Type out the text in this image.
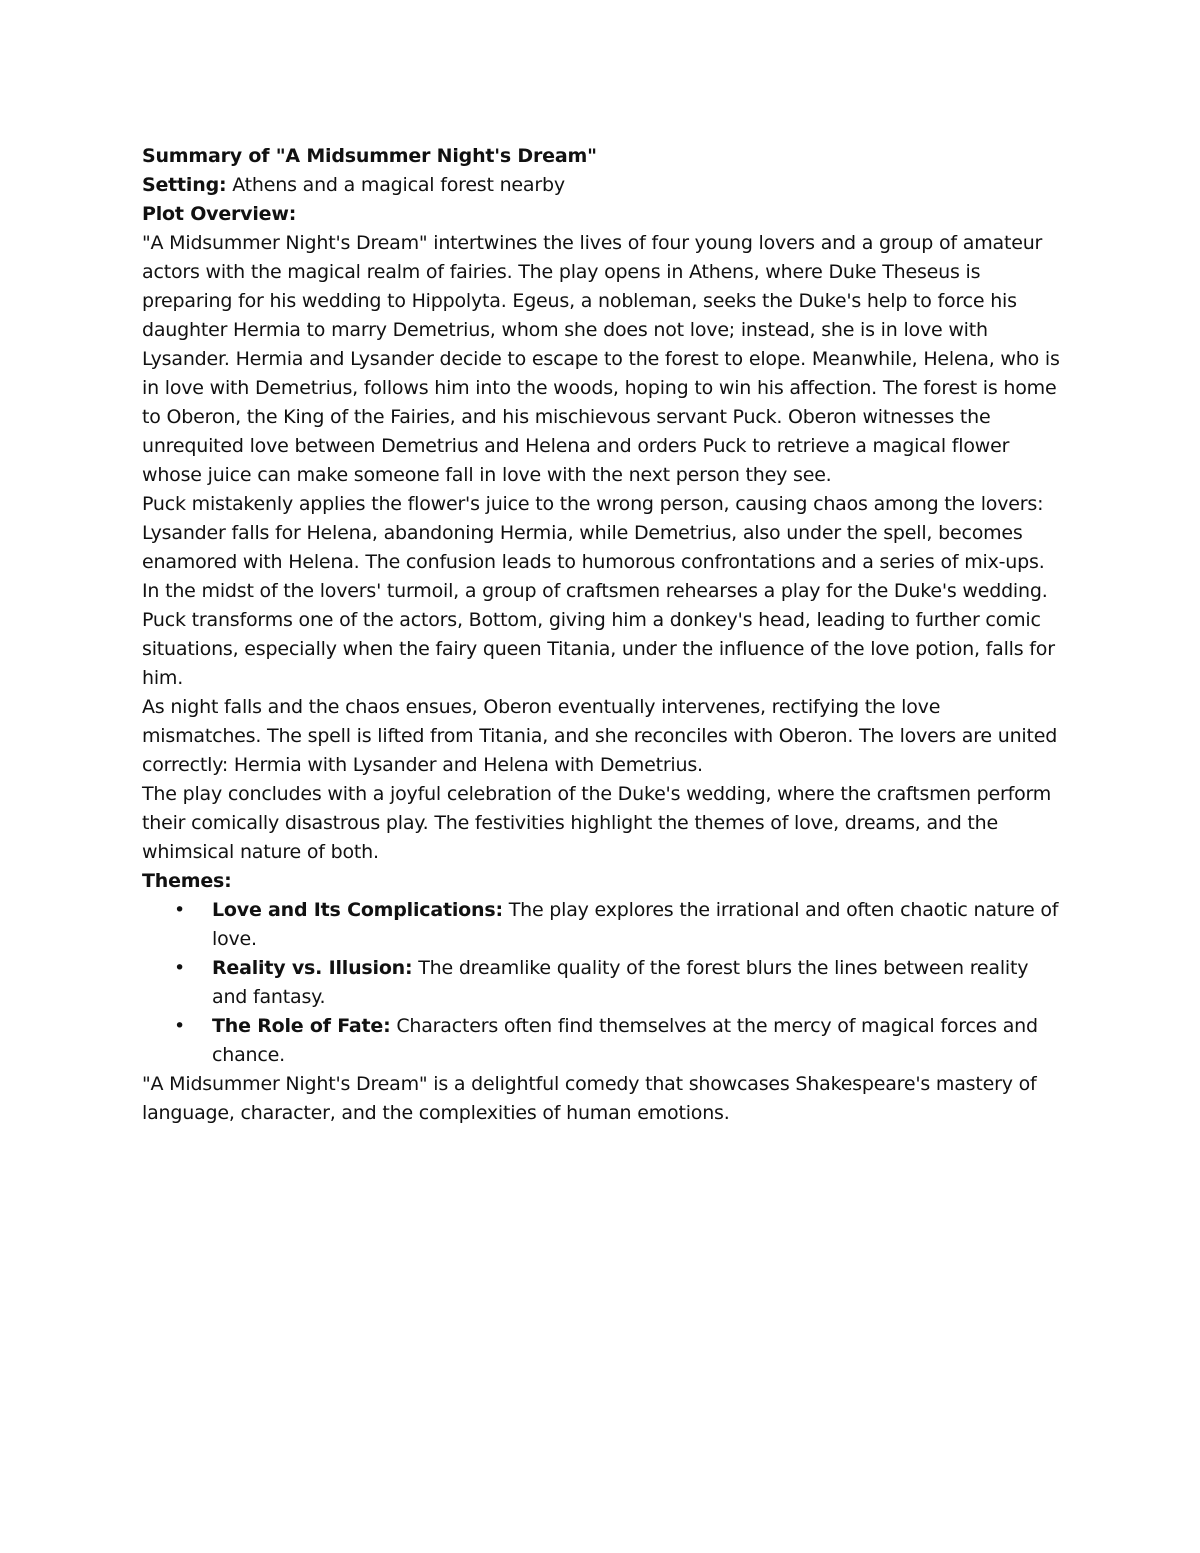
Summary of "A Midsummer Night's Dream"

Setting: Athens and a magical forest nearby

Plot Overview:

"A Midsummer Night's Dream" intertwines the lives of four young lovers and a group of amateur actors with the magical realm of fairies. The play opens in Athens, where Duke Theseus is preparing for his wedding to Hippolyta. Egeus, a nobleman, seeks the Duke's help to force his daughter Hermia to marry Demetrius, whom she does not love; instead, she is in love with Lysander. Hermia and Lysander decide to escape to the forest to elope. Meanwhile, Helena, who is in love with Demetrius, follows him into the woods, hoping to win his affection. The forest is home to Oberon, the King of the Fairies, and his mischievous servant Puck. Oberon witnesses the unrequited love between Demetrius and Helena and orders Puck to retrieve a magical flower whose juice can make someone fall in love with the next person they see.

Puck mistakenly applies the flower's juice to the wrong person, causing chaos among the lovers: Lysander falls for Helena, abandoning Hermia, while Demetrius, also under the spell, becomes enamored with Helena. The confusion leads to humorous confrontations and a series of mix-ups.

In the midst of the lovers' turmoil, a group of craftsmen rehearses a play for the Duke's wedding. Puck transforms one of the actors, Bottom, giving him a donkey's head, leading to further comic situations, especially when the fairy queen Titania, under the influence of the love potion, falls for him.

As night falls and the chaos ensues, Oberon eventually intervenes, rectifying the love mismatches. The spell is lifted from Titania, and she reconciles with Oberon. The lovers are united correctly: Hermia with Lysander and Helena with Demetrius.

The play concludes with a joyful celebration of the Duke's wedding, where the craftsmen perform their comically disastrous play. The festivities highlight the themes of love, dreams, and the whimsical nature of both.

Themes:

• Love and Its Complications: The play explores the irrational and often chaotic nature of love.
• Reality vs. Illusion: The dreamlike quality of the forest blurs the lines between reality and fantasy.
• The Role of Fate: Characters often find themselves at the mercy of magical forces and chance.

"A Midsummer Night's Dream" is a delightful comedy that showcases Shakespeare's mastery of language, character, and the complexities of human emotions.
